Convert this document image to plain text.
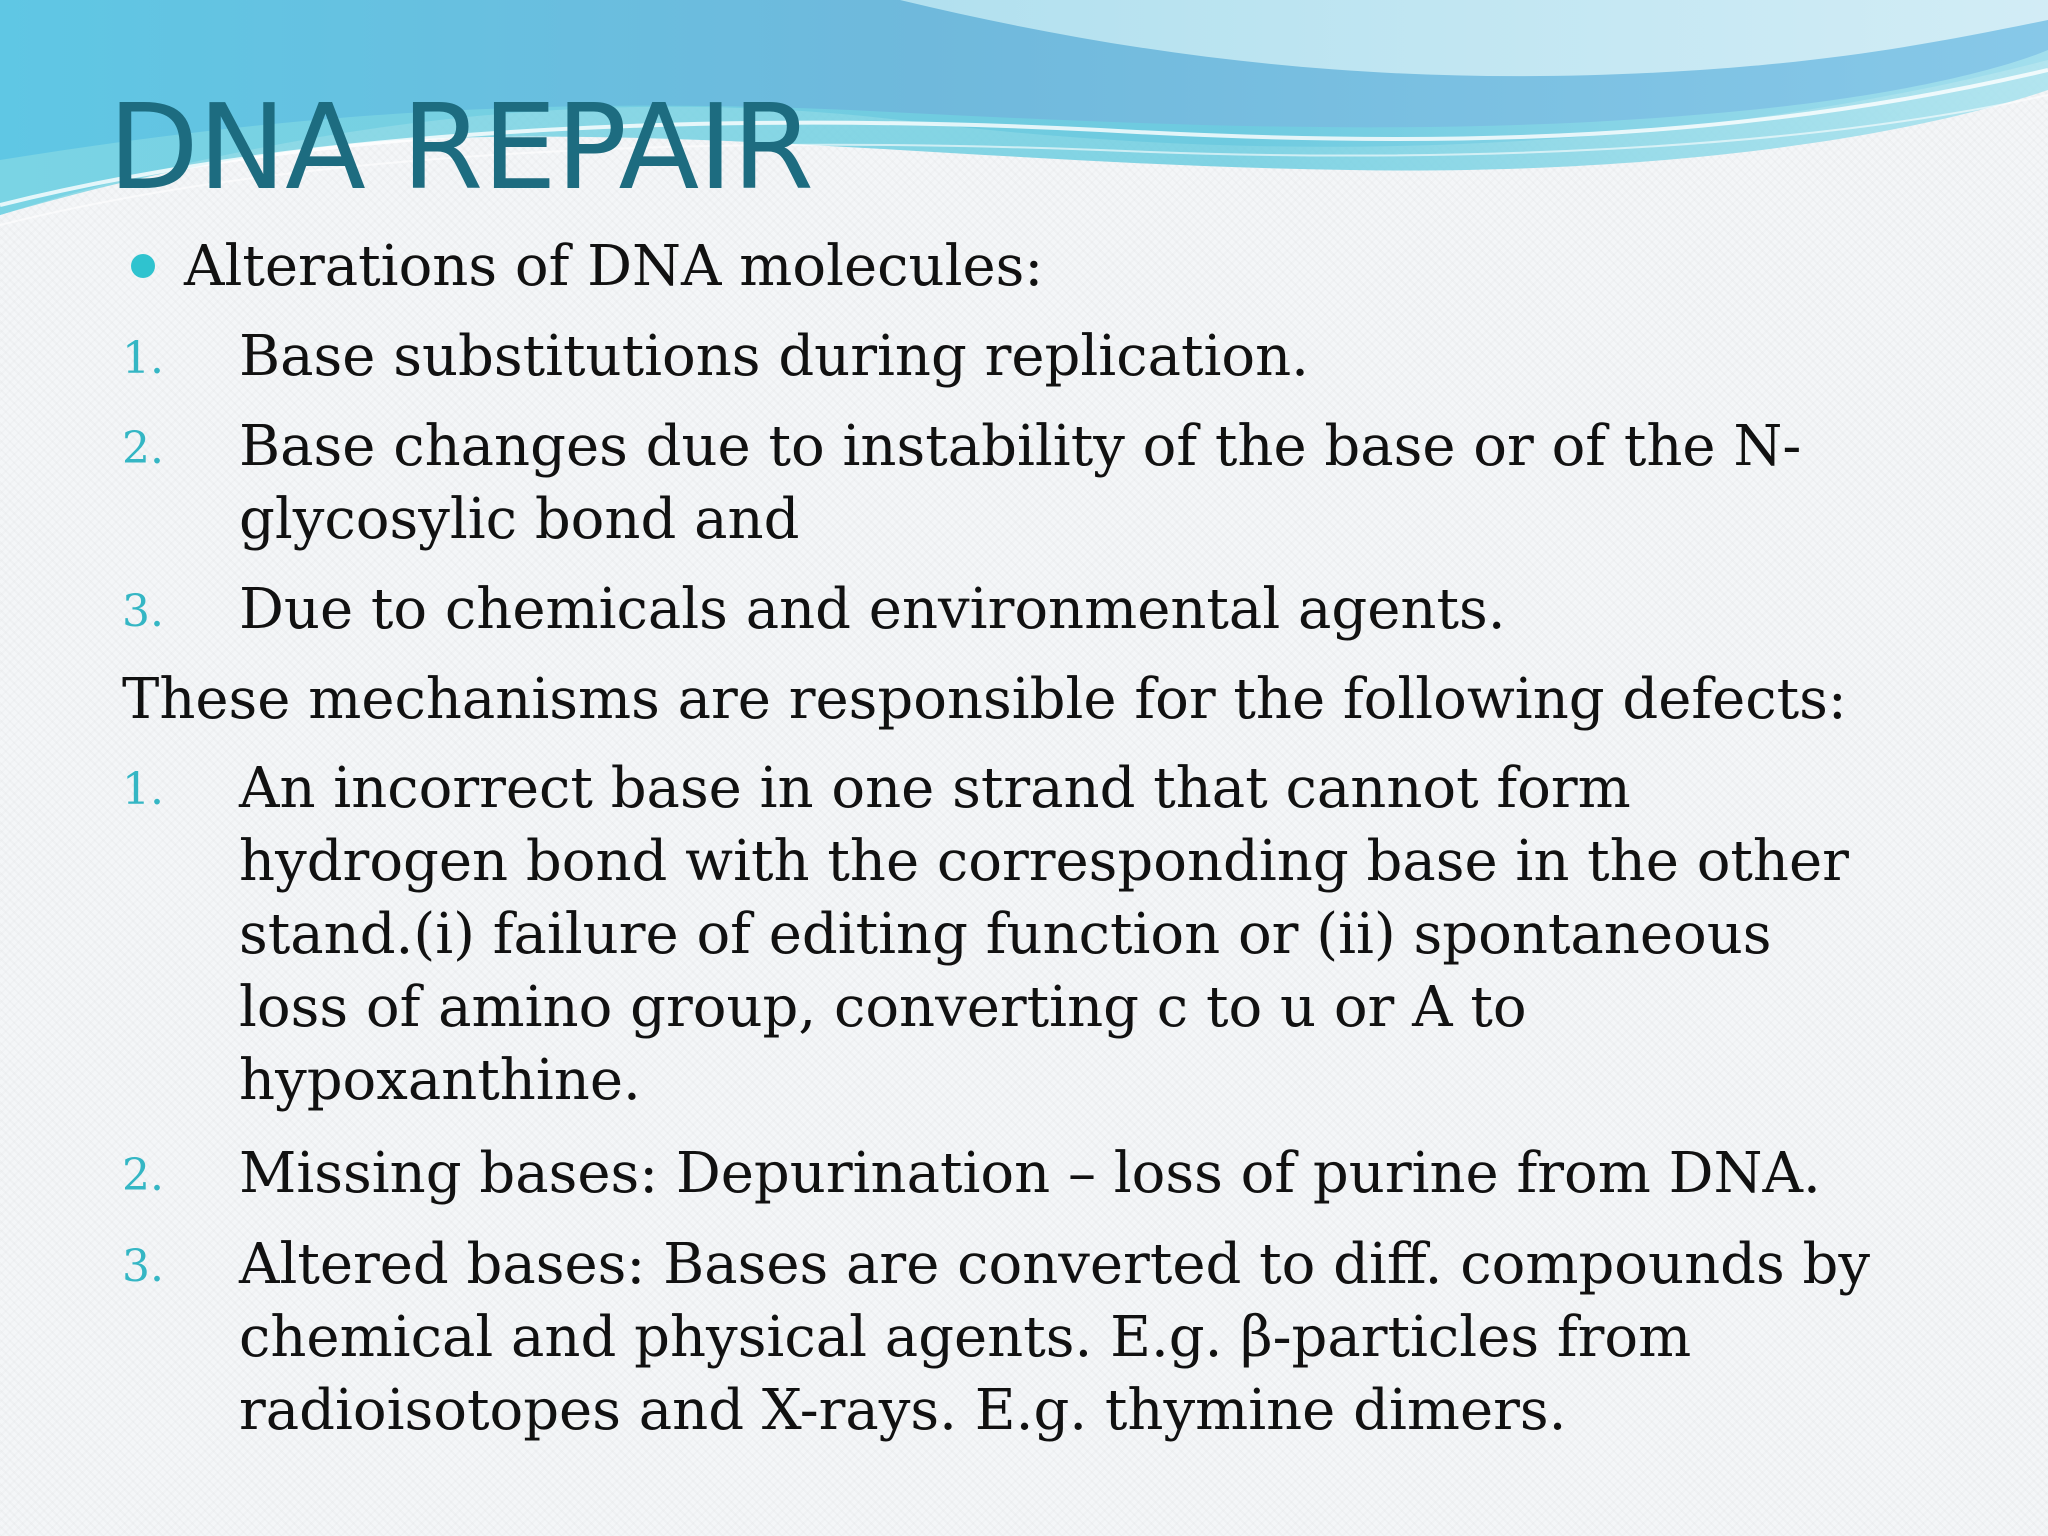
DNA REPAIR
Alterations of DNA molecules:
1. Base substitutions during replication.
2. Base changes due to instability of the base or of the N-
glycosylic bond and
3. Due to chemicals and environmental agents.
These mechanisms are responsible for the following defects:
1. An incorrect base in one strand that cannot form
hydrogen bond with the corresponding base in the other
stand.(i) failure of editing function or (ii) spontaneous
loss of amino group, converting c to u or A to
hypoxanthine.
2. Missing bases: Depurination – loss of purine from DNA.
3. Altered bases: Bases are converted to diff. compounds by
chemical and physical agents. E.g. β-particles from
radioisotopes and X-rays. E.g. thymine dimers.
